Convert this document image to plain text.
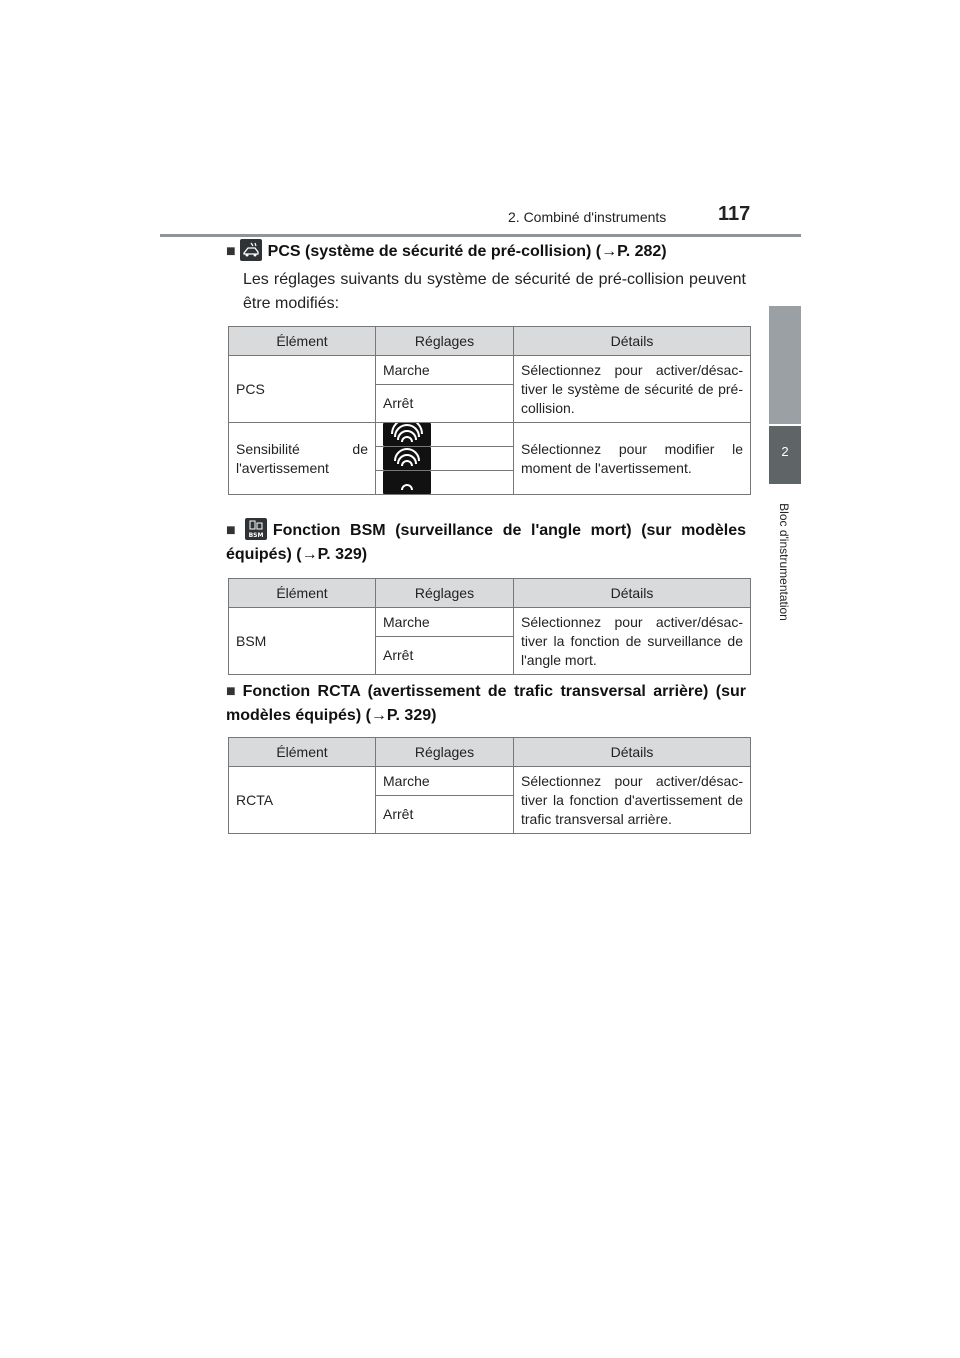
2. Combiné d'instruments	117
2
Bloc d'instrumentation
■ PCS (système de sécurité de pré-collision) (→P. 282)
Les réglages suivants du système de sécurité de pré-collision peuvent être modifiés:
Élément	Réglages	Détails
PCS	Marche	Sélectionnez pour activer/désac-tiver le système de sécurité de pré-collision.
	Arrêt	
Sensibilité de l'avertissement		Sélectionnez pour modifier le moment de l'avertissement.

■ BSM Fonction BSM (surveillance de l'angle mort) (sur modèles équipés) (→P. 329)
Élément	Réglages	Détails
BSM	Marche	Sélectionnez pour activer/désac-tiver la fonction de surveillance de l'angle mort.
	Arrêt	
■ Fonction RCTA (avertissement de trafic transversal arrière) (sur modèles équipés) (→P. 329)
Élément	Réglages	Détails
RCTA	Marche	Sélectionnez pour activer/désac-tiver la fonction d'avertissement de trafic transversal arrière.
	Arrêt	
